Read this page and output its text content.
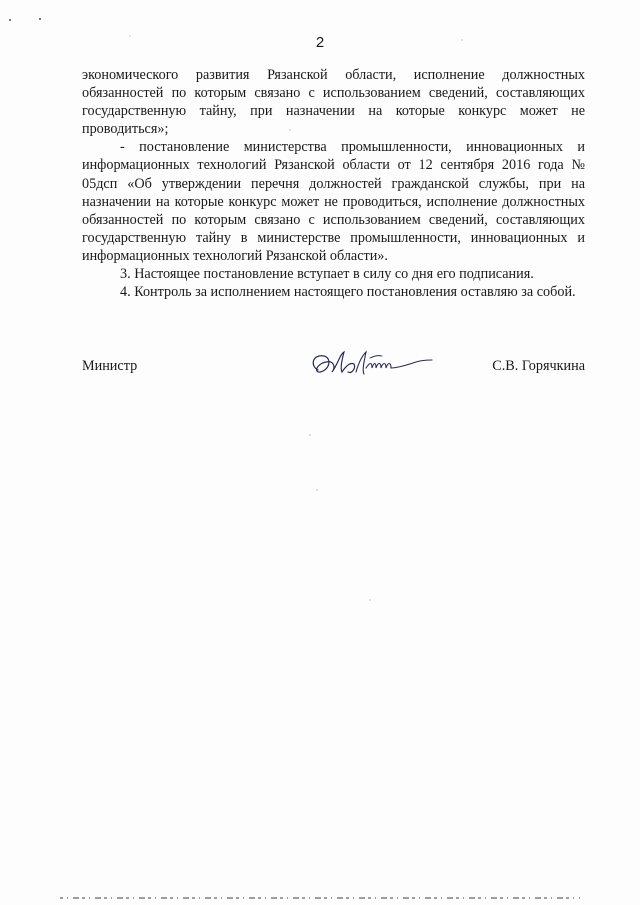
2

экономического развития Рязанской области, исполнение должностных обязанностей по которым связано с использованием сведений, составляющих государственную тайну, при назначении на которые конкурс может не проводиться»;

- постановление министерства промышленности, инновационных и информационных технологий Рязанской области от 12 сентября 2016 года № 05дсп «Об утверждении перечня должностей гражданской службы, при на назначении на которые конкурс может не проводиться, исполнение должностных обязанностей по которым связано с использованием сведений, составляющих государственную тайну в министерстве промышленности, инновационных и информационных технологий Рязанской области».

3. Настоящее постановление вступает в силу со дня его подписания.

4. Контроль за исполнением настоящего постановления оставляю за собой.

Министр	С.В. Горячкина
